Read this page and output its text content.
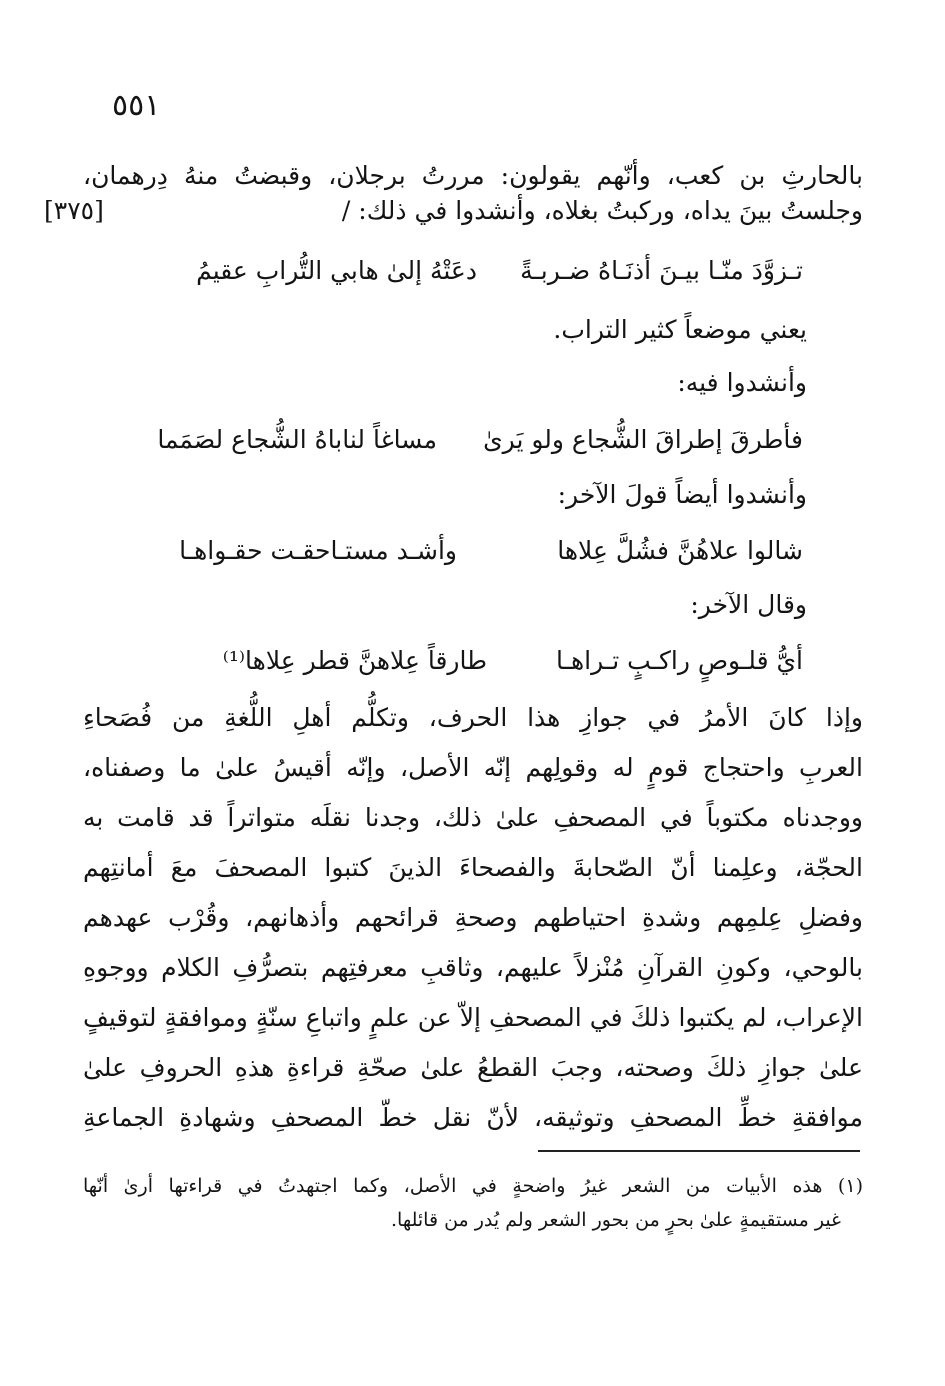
٥٥١
بالحارثِ بن كعب، وأنّهم يقولون: مررتُ برجلان، وقبضتُ منهُ دِرهمان،
وجلستُ بينَ يداه، وركبتُ بغلاه، وأنشدوا في ذلك: /
[٣٧٥]
تـزوَّدَ منّـا بيـنَ أذنَـاهُ ضـربـةً
دعَتْهُ إلىٰ هابي التُّرابِ عقيمُ
يعني موضعاً كثير التراب.
وأنشدوا فيه:
فأطرقَ إطراقَ الشُّجاع ولو يَرىٰ
مساغاً لناباهُ الشُّجاع لصَمَما
وأنشدوا أيضاً قولَ الآخر:
شالوا علاهُنَّ فشُلَّ عِلاها
وأشـد مستـاحقـت حقـواهـا
وقال الآخر:
أيُّ قلـوصٍ راكـبٍ تـراهـا
طارقاً عِلاهنَّ قطر عِلاها⁽¹⁾
وإذا كانَ الأمرُ في جوازِ هذا الحرف، وتكلُّم أهلِ اللُّغةِ من فُصَحاءِ
العربِ واحتجاج قومٍ له وقولِهم إنّه الأصل، وإنّه أقيسُ علىٰ ما وصفناه،
ووجدناه مكتوباً في المصحفِ علىٰ ذلك، وجدنا نقلَه متواتراً قد قامت به
الحجّة، وعلِمنا أنّ الصّحابةَ والفصحاءَ الذينَ كتبوا المصحفَ معَ أمانتِهم
وفضلِ عِلمِهم وشدةِ احتياطهم وصحةِ قرائحهم وأذهانهم، وقُرْب عهدهم
بالوحي، وكونِ القرآنِ مُنْزلاً عليهم، وثاقبِ معرفتِهم بتصرُّفِ الكلام ووجوهِ
الإعراب، لم يكتبوا ذلكَ في المصحفِ إلاّ عن علمٍ واتباعِ سنّةٍ وموافقةٍ لتوقيفٍ
علىٰ جوازِ ذلكَ وصحته، وجبَ القطعُ علىٰ صحّةِ قراءةِ هذهِ الحروفِ علىٰ
موافقةِ خطِّ المصحفِ وتوثيقه، لأنّ نقل خطّ المصحفِ وشهادةِ الجماعةِ
(١) هذه الأبيات من الشعر غيرُ واضحةٍ في الأصل، وكما اجتهدتُ في قراءتها أرىٰ أنّها
غير مستقيمةٍ علىٰ بحرٍ من بحور الشعر ولم يُدر من قائلها.
